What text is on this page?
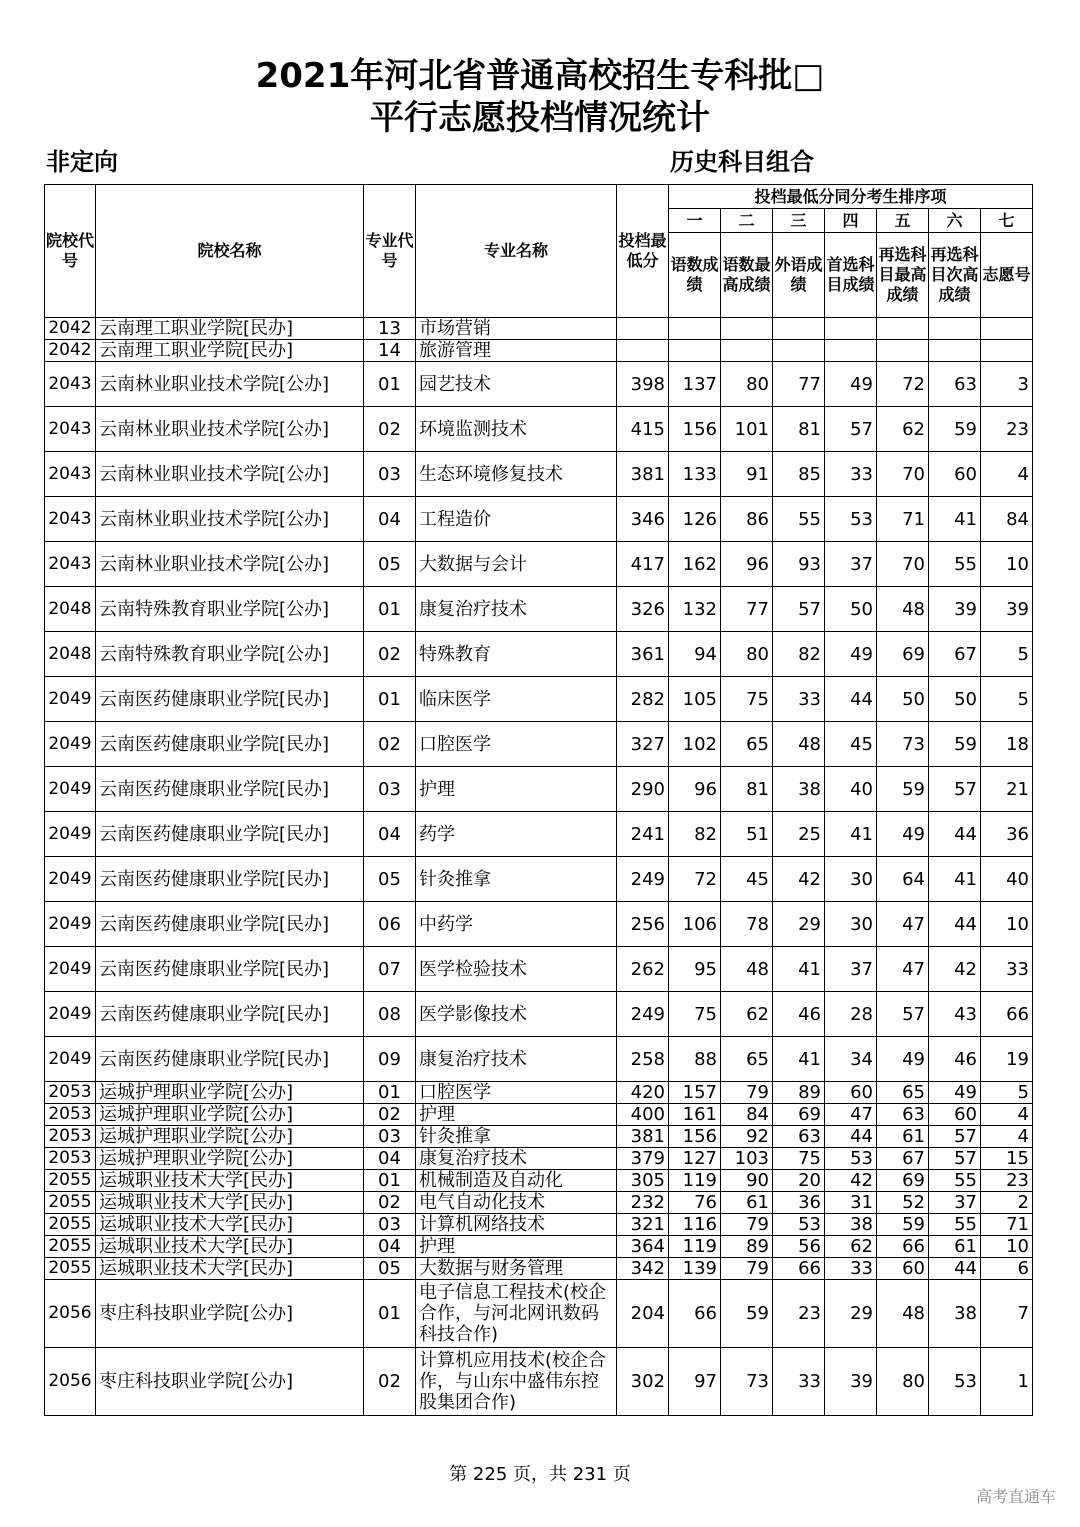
2021年河北省普通高校招生专科批□
平行志愿投档情况统计
非定向	历史科目组合
院校代号	院校名称	专业代号	专业名称	投档最低分	投档最低分同分考生排序项						
					一	二	三	四	五	六	七
					语数成绩	语数最高成绩	外语成绩	首选科目成绩	再选科目最高成绩	再选科目次高成绩	志愿号
2042	云南理工职业学院[民办]	13	市场营销								
2042	云南理工职业学院[民办]	14	旅游管理								
2043	云南林业职业技术学院[公办]	01	园艺技术	398	137	80	77	49	72	63	3
2043	云南林业职业技术学院[公办]	02	环境监测技术	415	156	101	81	57	62	59	23
2043	云南林业职业技术学院[公办]	03	生态环境修复技术	381	133	91	85	33	70	60	4
2043	云南林业职业技术学院[公办]	04	工程造价	346	126	86	55	53	71	41	84
2043	云南林业职业技术学院[公办]	05	大数据与会计	417	162	96	93	37	70	55	10
2048	云南特殊教育职业学院[公办]	01	康复治疗技术	326	132	77	57	50	48	39	39
2048	云南特殊教育职业学院[公办]	02	特殊教育	361	94	80	82	49	69	67	5
2049	云南医药健康职业学院[民办]	01	临床医学	282	105	75	33	44	50	50	5
2049	云南医药健康职业学院[民办]	02	口腔医学	327	102	65	48	45	73	59	18
2049	云南医药健康职业学院[民办]	03	护理	290	96	81	38	40	59	57	21
2049	云南医药健康职业学院[民办]	04	药学	241	82	51	25	41	49	44	36
2049	云南医药健康职业学院[民办]	05	针灸推拿	249	72	45	42	30	64	41	40
2049	云南医药健康职业学院[民办]	06	中药学	256	106	78	29	30	47	44	10
2049	云南医药健康职业学院[民办]	07	医学检验技术	262	95	48	41	37	47	42	33
2049	云南医药健康职业学院[民办]	08	医学影像技术	249	75	62	46	28	57	43	66
2049	云南医药健康职业学院[民办]	09	康复治疗技术	258	88	65	41	34	49	46	19
2053	运城护理职业学院[公办]	01	口腔医学	420	157	79	89	60	65	49	5
2053	运城护理职业学院[公办]	02	护理	400	161	84	69	47	63	60	4
2053	运城护理职业学院[公办]	03	针灸推拿	381	156	92	63	44	61	57	4
2053	运城护理职业学院[公办]	04	康复治疗技术	379	127	103	75	53	67	57	15
2055	运城职业技术大学[民办]	01	机械制造及自动化	305	119	90	20	42	69	55	23
2055	运城职业技术大学[民办]	02	电气自动化技术	232	76	61	36	31	52	37	2
2055	运城职业技术大学[民办]	03	计算机网络技术	321	116	79	53	38	59	55	71
2055	运城职业技术大学[民办]	04	护理	364	119	89	56	62	66	61	10
2055	运城职业技术大学[民办]	05	大数据与财务管理	342	139	79	66	33	60	44	6
2056	枣庄科技职业学院[公办]	01	电子信息工程技术(校企合作，与河北网讯数码科技合作)	204	66	59	23	29	48	38	7
2056	枣庄科技职业学院[公办]	02	计算机应用技术(校企合作，与山东中盛伟东控股集团合作)	302	97	73	33	39	80	53	1
第 225 页，共 231 页
高考直通车
